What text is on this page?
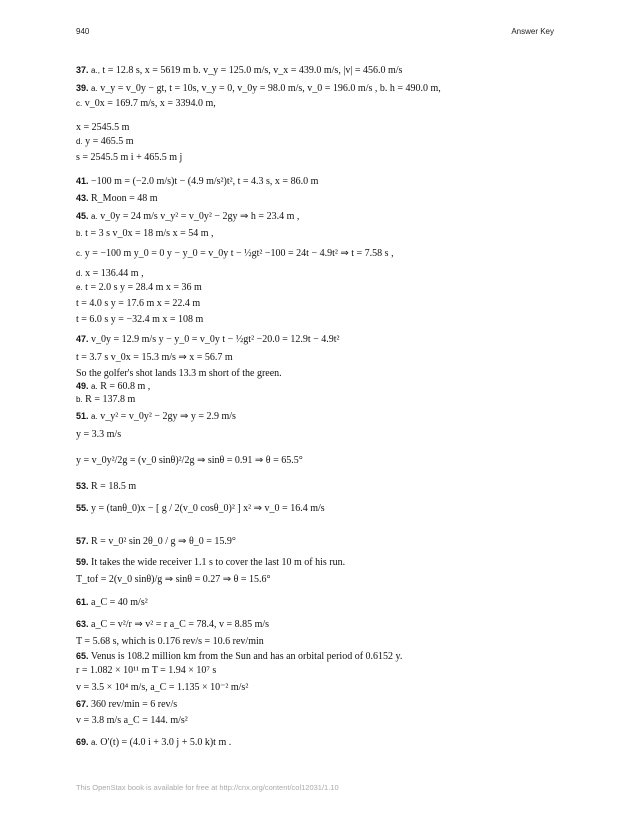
940	Answer Key
37. a., t = 12.8 s, x = 5619 m b. v_y = 125.0 m/s, v_x = 439.0 m/s, |v| = 456.0 m/s
39. a. v_y = v_0y − gt, t = 10s, v_y = 0, v_0y = 98.0 m/s, v_0 = 196.0 m/s , b. h = 490.0 m,
c. v_0x = 169.7 m/s, x = 3394.0 m,
x = 2545.5 m
d. y = 465.5 m
s = 2545.5 m i + 465.5 m j
41. −100 m = (−2.0 m/s)t − (4.9 m/s²)t², t = 4.3 s, x = 86.0 m
43. R_Moon = 48 m
45. a. v_0y = 24 m/s v_y² = v_0y² − 2gy ⇒ h = 23.4 m ,
b. t = 3 s v_0x = 18 m/s x = 54 m ,
c. y = −100 m y_0 = 0 y − y_0 = v_0y t − ½gt² −100 = 24t − 4.9t² ⇒ t = 7.58 s ,
d. x = 136.44 m ,
e. t = 2.0 s y = 28.4 m x = 36 m
t = 4.0 s y = 17.6 m x = 22.4 m
t = 6.0 s y = −32.4 m x = 108 m
47. v_0y = 12.9 m/s y − y_0 = v_0y t − ½gt² −20.0 = 12.9t − 4.9t²
t = 3.7 s v_0x = 15.3 m/s ⇒ x = 56.7 m
So the golfer's shot lands 13.3 m short of the green.
49. a. R = 60.8 m ,
b. R = 137.8 m
51. a. v_y² = v_0y² − 2gy ⇒ y = 2.9 m/s
y = 3.3 m/s
y = v_0y²/2g = (v_0 sinθ)²/2g ⇒ sinθ = 0.91 ⇒ θ = 65.5°
53. R = 18.5 m
55. y = (tanθ_0)x − [ g / 2(v_0 cosθ_0)² ] x² ⇒ v_0 = 16.4 m/s
57. R = v_0² sin 2θ_0 / g ⇒ θ_0 = 15.9°
59. It takes the wide receiver 1.1 s to cover the last 10 m of his run.
T_tof = 2(v_0 sinθ)/g ⇒ sinθ = 0.27 ⇒ θ = 15.6°
61. a_C = 40 m/s²
63. a_C = v²/r ⇒ v² = r a_C = 78.4, v = 8.85 m/s
T = 5.68 s, which is 0.176 rev/s = 10.6 rev/min
65. Venus is 108.2 million km from the Sun and has an orbital period of 0.6152 y.
r = 1.082 × 10¹¹ m T = 1.94 × 10⁷ s
v = 3.5 × 10⁴ m/s, a_C = 1.135 × 10⁻² m/s²
67. 360 rev/min = 6 rev/s
v = 3.8 m/s a_C = 144. m/s²
69. a. O′(t) = (4.0 i + 3.0 j + 5.0 k)t m .
This OpenStax book is available for free at http://cnx.org/content/col12031/1.10
